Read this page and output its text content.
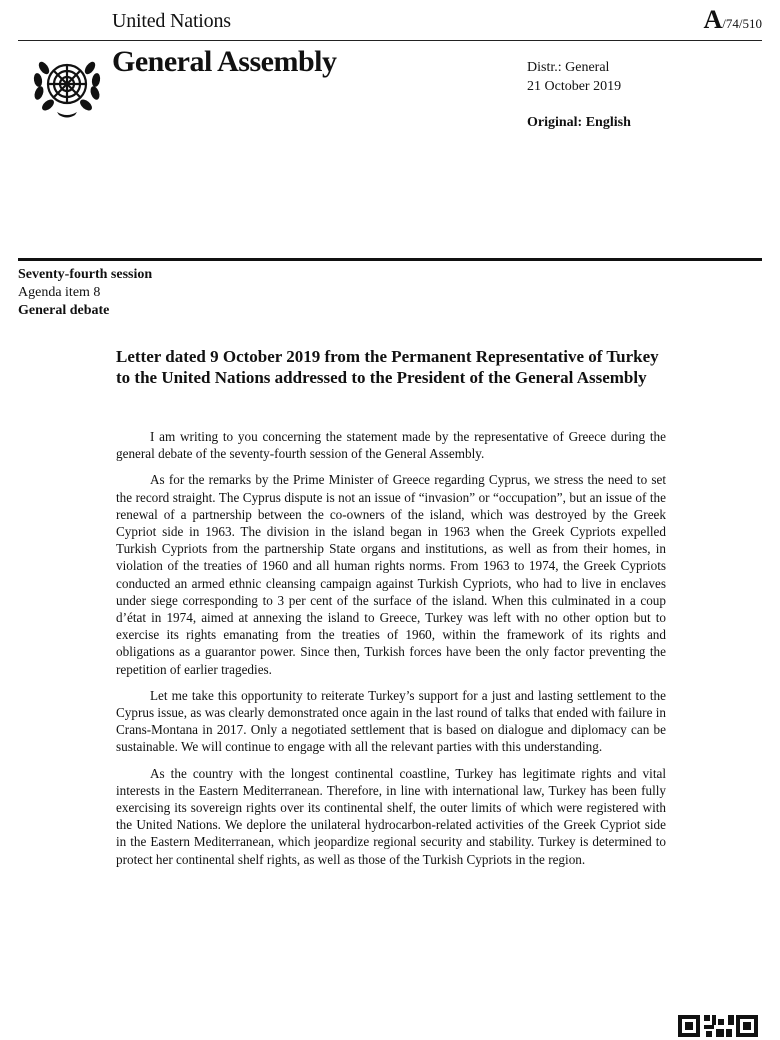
United Nations	A/74/510
General Assembly	Distr.: General
21 October 2019
Original: English
Seventy-fourth session
Agenda item 8
General debate
Letter dated 9 October 2019 from the Permanent Representative of Turkey to the United Nations addressed to the President of the General Assembly

I am writing to you concerning the statement made by the representative of Greece during the general debate of the seventy-fourth session of the General Assembly.

As for the remarks by the Prime Minister of Greece regarding Cyprus, we stress the need to set the record straight. The Cyprus dispute is not an issue of “invasion” or “occupation”, but an issue of the renewal of a partnership between the co-owners of the island, which was destroyed by the Greek Cypriot side in 1963. The division in the island began in 1963 when the Greek Cypriots expelled Turkish Cypriots from the partnership State organs and institutions, as well as from their homes, in violation of the treaties of 1960 and all human rights norms. From 1963 to 1974, the Greek Cypriots conducted an armed ethnic cleansing campaign against Turkish Cypriots, who had to live in enclaves under siege corresponding to 3 per cent of the surface of the island. When this culminated in a coup d’état in 1974, aimed at annexing the island to Greece, Turkey was left with no other option but to exercise its rights emanating from the treaties of 1960, within the framework of its rights and obligations as a guarantor power. Since then, Turkish forces have been the only factor preventing the repetition of earlier tragedies.

Let me take this opportunity to reiterate Turkey’s support for a just and lasting settlement to the Cyprus issue, as was clearly demonstrated once again in the last round of talks that ended with failure in Crans-Montana in 2017. Only a negotiated settlement that is based on dialogue and diplomacy can be sustainable. We will continue to engage with all the relevant parties with this understanding.

As the country with the longest continental coastline, Turkey has legitimate rights and vital interests in the Eastern Mediterranean. Therefore, in line with international law, Turkey has been fully exercising its sovereign rights over its continental shelf, the outer limits of which were registered with the United Nations. We deplore the unilateral hydrocarbon-related activities of the Greek Cypriot side in the Eastern Mediterranean, which jeopardize regional security and stability. Turkey is determined to protect her continental shelf rights, as well as those of the Turkish Cypriots in the region.
